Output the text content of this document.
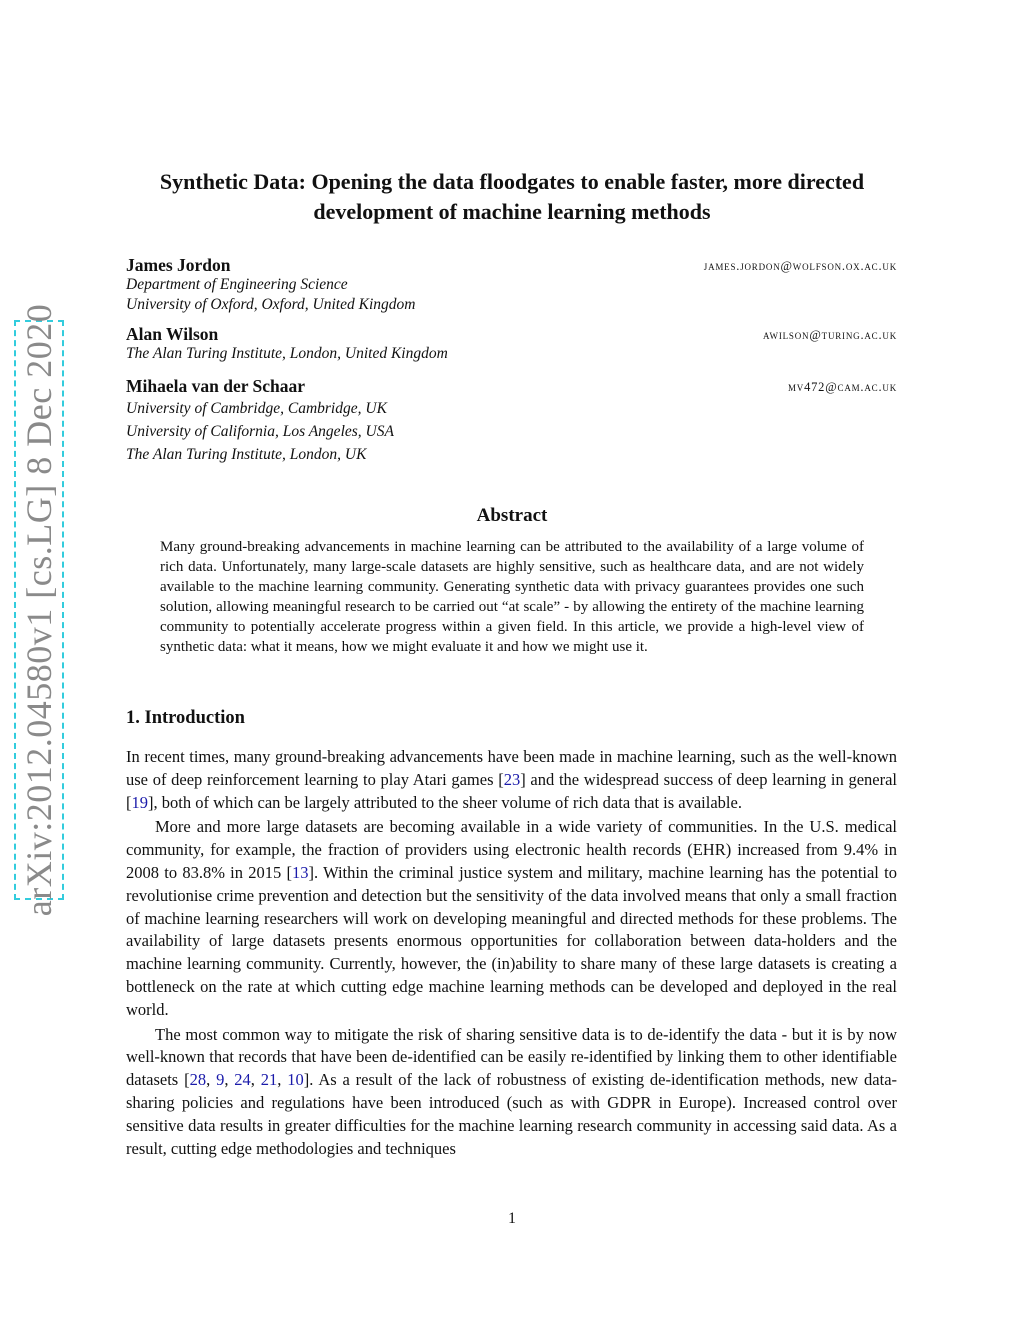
arXiv:2012.04580v1 [cs.LG] 8 Dec 2020
Synthetic Data: Opening the data floodgates to enable faster, more directed development of machine learning methods
James Jordon	james.jordon@wolfson.ox.ac.uk
Department of Engineering Science
University of Oxford, Oxford, United Kingdom
Alan Wilson	awilson@turing.ac.uk
The Alan Turing Institute, London, United Kingdom
Mihaela van der Schaar	mv472@cam.ac.uk
University of Cambridge, Cambridge, UK
University of California, Los Angeles, USA
The Alan Turing Institute, London, UK
Abstract
Many ground-breaking advancements in machine learning can be attributed to the availability of a large volume of rich data. Unfortunately, many large-scale datasets are highly sensitive, such as healthcare data, and are not widely available to the machine learning community. Generating synthetic data with privacy guarantees provides one such solution, allowing meaningful research to be carried out “at scale” - by allowing the entirety of the machine learning community to potentially accelerate progress within a given field. In this article, we provide a high-level view of synthetic data: what it means, how we might evaluate it and how we might use it.
1. Introduction

In recent times, many ground-breaking advancements have been made in machine learning, such as the well-known use of deep reinforcement learning to play Atari games [23] and the widespread success of deep learning in general [19], both of which can be largely attributed to the sheer volume of rich data that is available.

More and more large datasets are becoming available in a wide variety of communities. In the U.S. medical community, for example, the fraction of providers using electronic health records (EHR) increased from 9.4% in 2008 to 83.8% in 2015 [13]. Within the criminal justice system and military, machine learning has the potential to revolutionise crime prevention and detection but the sensitivity of the data involved means that only a small fraction of machine learning researchers will work on developing meaningful and directed methods for these problems. The availability of large datasets presents enormous opportunities for collaboration between data-holders and the machine learning community. Currently, however, the (in)ability to share many of these large datasets is creating a bottleneck on the rate at which cutting edge machine learning methods can be developed and deployed in the real world.

The most common way to mitigate the risk of sharing sensitive data is to de-identify the data - but it is by now well-known that records that have been de-identified can be easily re-identified by linking them to other identifiable datasets [28, 9, 24, 21, 10]. As a result of the lack of robustness of existing de-identification methods, new data-sharing policies and regulations have been introduced (such as with GDPR in Europe). Increased control over sensitive data results in greater difficulties for the machine learning research community in accessing said data. As a result, cutting edge methodologies and techniques

1
